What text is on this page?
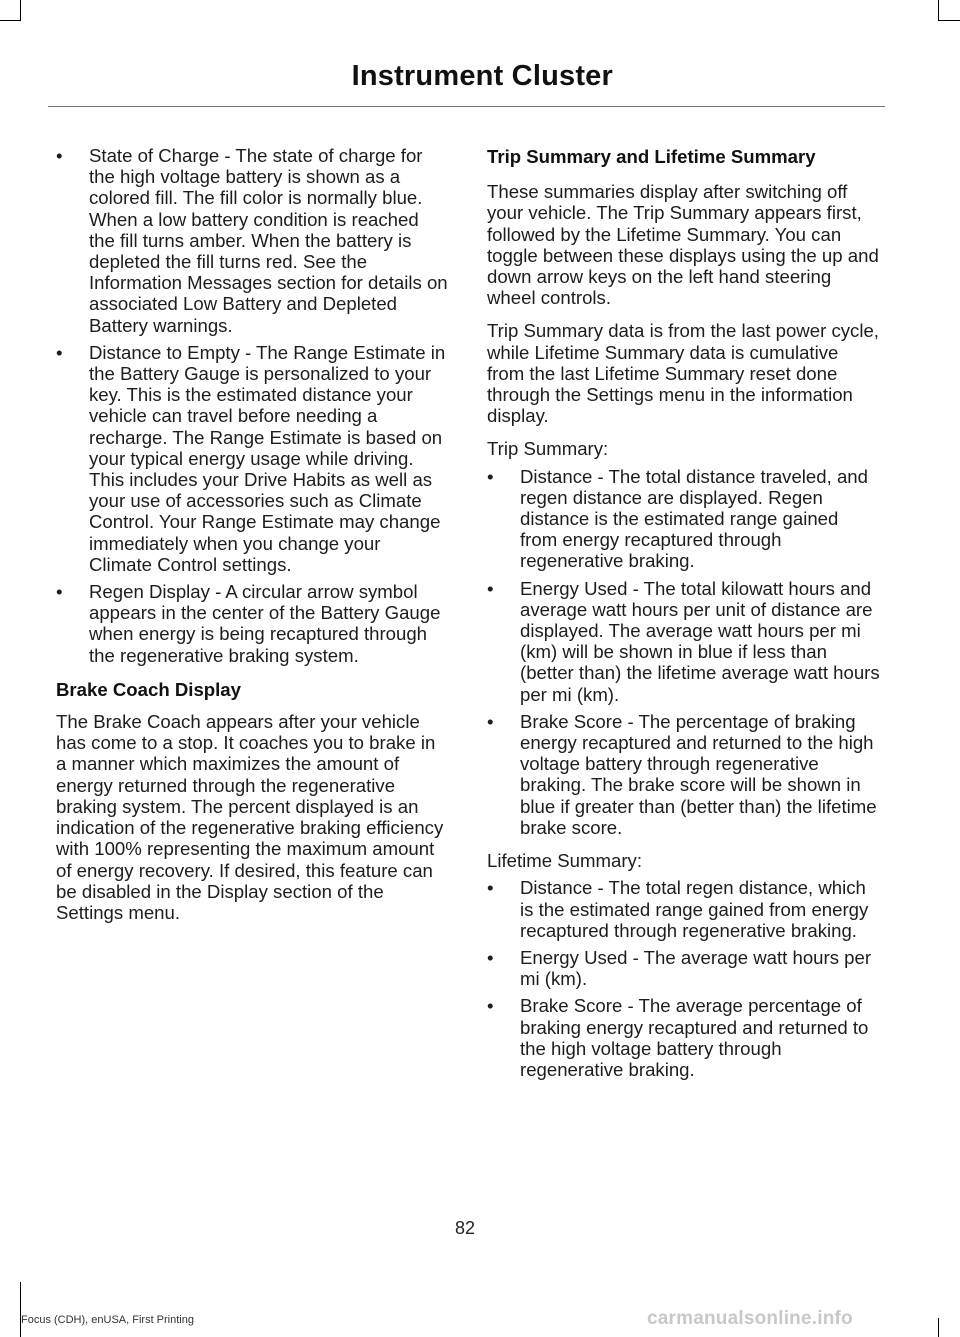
Instrument Cluster
• State of Charge - The state of charge for the high voltage battery is shown as a colored fill. The fill color is normally blue. When a low battery condition is reached the fill turns amber. When the battery is depleted the fill turns red. See the Information Messages section for details on associated Low Battery and Depleted Battery warnings.
• Distance to Empty - The Range Estimate in the Battery Gauge is personalized to your key. This is the estimated distance your vehicle can travel before needing a recharge. The Range Estimate is based on your typical energy usage while driving. This includes your Drive Habits as well as your use of accessories such as Climate Control. Your Range Estimate may change immediately when you change your Climate Control settings.
• Regen Display - A circular arrow symbol appears in the center of the Battery Gauge when energy is being recaptured through the regenerative braking system.
Brake Coach Display

The Brake Coach appears after your vehicle has come to a stop. It coaches you to brake in a manner which maximizes the amount of energy returned through the regenerative braking system. The percent displayed is an indication of the regenerative braking efficiency with 100% representing the maximum amount of energy recovery. If desired, this feature can be disabled in the Display section of the Settings menu.

Trip Summary and Lifetime Summary

These summaries display after switching off your vehicle. The Trip Summary appears first, followed by the Lifetime Summary. You can toggle between these displays using the up and down arrow keys on the left hand steering wheel controls.

Trip Summary data is from the last power cycle, while Lifetime Summary data is cumulative from the last Lifetime Summary reset done through the Settings menu in the information display.

Trip Summary:

• Distance - The total distance traveled, and regen distance are displayed. Regen distance is the estimated range gained from energy recaptured through regenerative braking.
• Energy Used - The total kilowatt hours and average watt hours per unit of distance are displayed. The average watt hours per mi (km) will be shown in blue if less than (better than) the lifetime average watt hours per mi (km).
• Brake Score - The percentage of braking energy recaptured and returned to the high voltage battery through regenerative braking. The brake score will be shown in blue if greater than (better than) the lifetime brake score.

Lifetime Summary:

• Distance - The total regen distance, which is the estimated range gained from energy recaptured through regenerative braking.
• Energy Used - The average watt hours per mi (km).
• Brake Score - The average percentage of braking energy recaptured and returned to the high voltage battery through regenerative braking.
82
Focus (CDH), enUSA, First Printing	carmanualsonline.info
